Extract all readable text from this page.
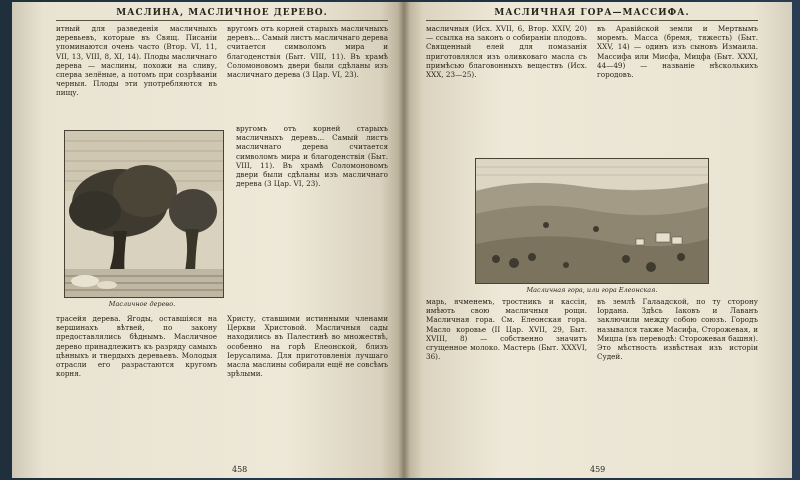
МАСЛИНА, МАСЛИЧНОЕ ДЕРЕВО.

итный для разведенія масличныхъ деревьевъ, которые въ Свящ. Писаніи упоминаются очень часто (Втор. VI, 11, VII, 13, VIII, 8, XI, 14). Плоды масличнаго дерева — маслины, похожи на сливу, сперва зелёные, а потомъ при созрѣваніи черныя. Плоды эти употребляются въ пищу.

вругомъ отъ корней старыхъ масличныхъ деревъ... Самый листъ масличнаго дерева считается символомъ мира и благоденствія (Быт. VIII, 11). Въ храмѣ Соломоновомъ двери были сдѣланы изъ масличнаго дерева (3 Цар. VI, 23).

Масличное дерево.

вругомъ отъ корней старыхъ масличныхъ деревъ... Самый листъ масличнаго дерева считается символомъ мира и благоденствія (Быт. VIII, 11). Въ храмѣ Соломоновомъ двери были сдѣланы изъ масличнаго дерева (3 Цар. VI, 23).

трасейя дерева. Ягоды, оставшіяся на вершинахъ вѣтвей, по закону предоставлялись бѣднымъ. Масличное дерево принадлежитъ къ разряду самыхъ цѣнныхъ и твердыхъ деревьевъ. Молодыя отрасли его разрастаются кругомъ корня.

Христу, ставшими истинными членами Церкви Христовой. Масличныя сады находились въ Палестинѣ во множествѣ, особенно на горѣ Елеонской, близъ Іерусалима. Для приготовленія лучшаго масла маслины собирали ещё не совсѣмъ зрѣлыми.

458
МАСЛИЧНАЯ ГОРА—МАССИФА.

масличныя (Исх. XVII, 6, Втор. XXIV, 20) — ссылка на законъ о собираніи плодовъ. Священный елей для помазанія приготовлялся изъ оливковаго масла съ примѣсью благовонныхъ веществъ (Исх. XXX, 23—25).

въ Аравійской земли и Мертвымъ моремъ. Масса (бремя, тяжесть) (Быт. XXV, 14) — одинъ изъ сыновъ Измаила. Массифа или Мисфа, Мицфа (Быт. XXXI, 44—49) — названіе нѣсколькихъ городовъ.

Масличная гора, или гора Елеонская.

марь, ячменемъ, тростникъ и кассія, имѣють свою масличныя рощи. Масличная гора. См. Елеонская гора. Масло коровье (II Цар. XVII, 29, Быт. XVIII, 8) — собственно значитъ сгущенное молоко. Мастерь (Быт. XXXVI, 36).

въ землѣ Галаадской, по ту сторону Іордана. Здѣсь Іаковъ и Лаванъ заключили между собою союзъ. Городъ назывался также Масифа, Сторожевая, и Мицпа (въ переводѣ: Сторожевая башня). Это мѣстность извѣстная изъ исторіи Судей.

459
